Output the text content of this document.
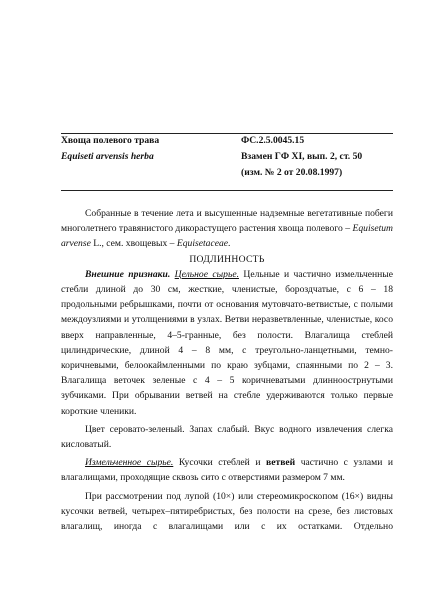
Хвоща полевого трава	ФС.2.5.0045.15
Equiseti arvensis herba	Взамен ГФ XI, вып. 2, ст. 50
(изм. № 2 от 20.08.1997)

Собранные в течение лета и высушенные надземные вегетативные побеги многолетнего травянистого дикорастущего растения хвоща полевого – Equisetum arvense L., сем. хвощевых – Equisetaceae.

ПОДЛИННОСТЬ

Внешние признаки. Цельное сырье. Цельные и частично измельченные стебли длиной до 30 см, жесткие, членистые, бороздчатые, с 6 – 18 продольными ребрышками, почти от основания мутовчато-ветвистые, с полыми междоузлиями и утолщениями в узлах. Ветви неразветвленные, членистые, косо вверх направленные, 4–5-гранные, без полости. Влагалища стеблей цилиндрические, длиной 4 – 8 мм, с треугольно-ланцетными, темно-коричневыми, белоокаймленными по краю зубцами, спаянными по 2 – 3. Влагалища веточек зеленые с 4 – 5 коричневатыми длинноострнутыми зубчиками. При обрывании ветвей на стебле удерживаются только первые короткие членики.

Цвет серовато-зеленый. Запах слабый. Вкус водного извлечения слегка кисловатый.

Измельченное сырье. Кусочки стеблей и ветвей частично с узлами и влагалищами, проходящие сквозь сито с отверстиями размером 7 мм.

При рассмотрении под лупой (10×) или стереомикроскопом (16×) видны кусочки ветвей, четырех–пятиребристых, без полости на срезе, без листовых влагалищ, иногда с влагалищами или с их остатками. Отдельно
